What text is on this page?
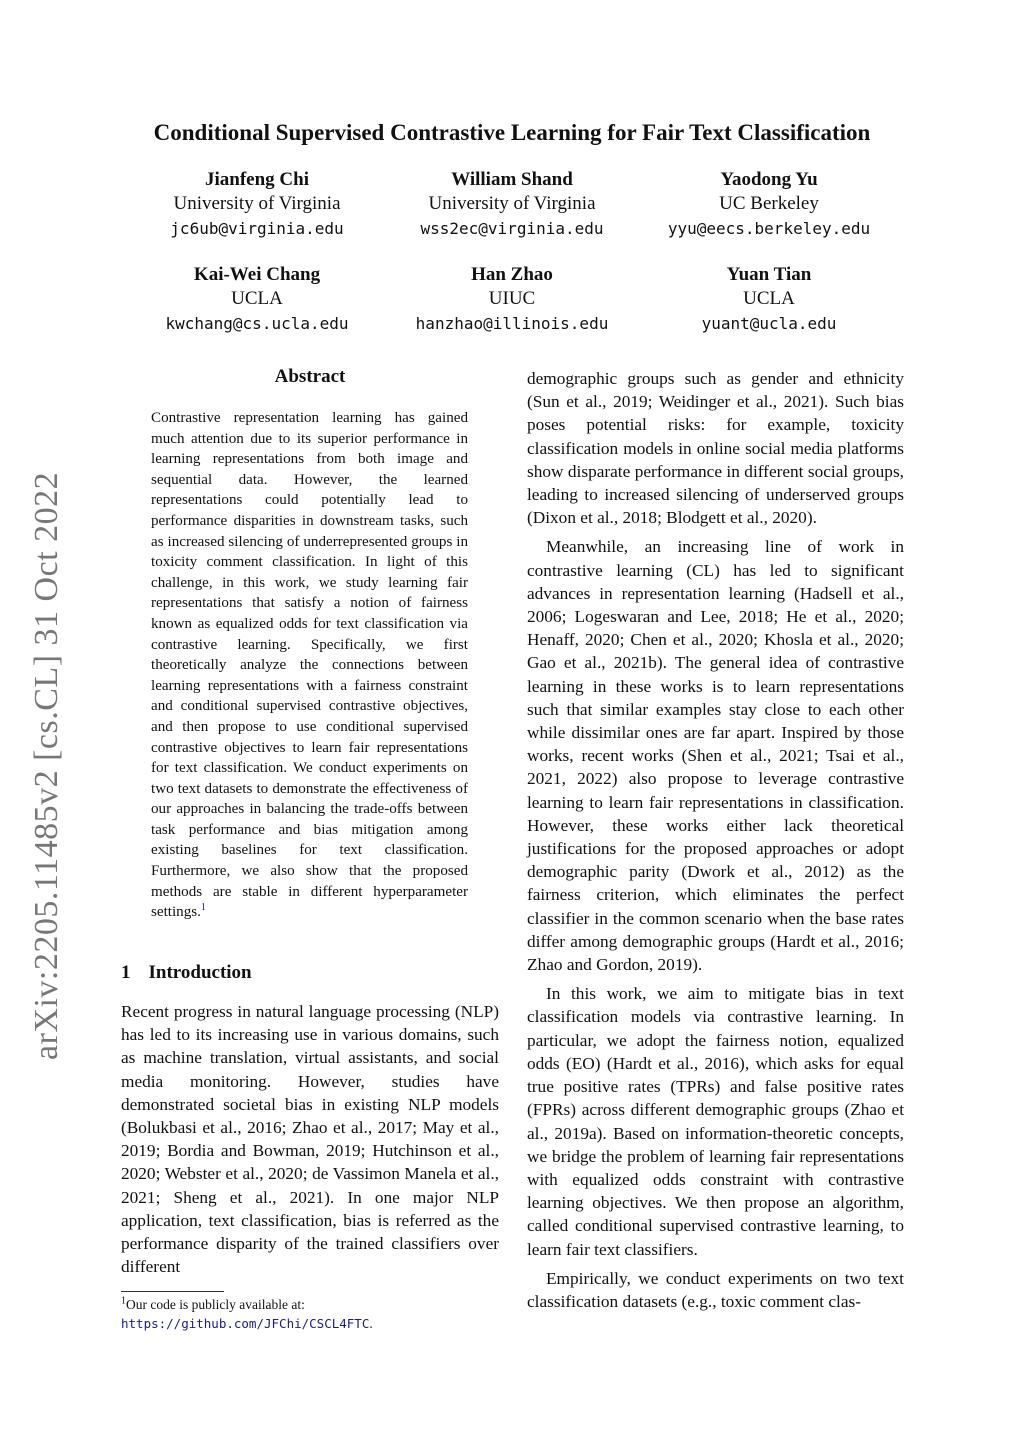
Conditional Supervised Contrastive Learning for Fair Text Classification
Jianfeng Chi
University of Virginia
jc6ub@virginia.edu
William Shand
University of Virginia
wss2ec@virginia.edu
Yaodong Yu
UC Berkeley
yyu@eecs.berkeley.edu
Kai-Wei Chang
UCLA
kwchang@cs.ucla.edu
Han Zhao
UIUC
hanzhao@illinois.edu
Yuan Tian
UCLA
yuant@ucla.edu
arXiv:2205.11485v2 [cs.CL] 31 Oct 2022
Abstract
Contrastive representation learning has gained much attention due to its superior performance in learning representations from both image and sequential data. However, the learned representations could potentially lead to performance disparities in downstream tasks, such as increased silencing of underrepresented groups in toxicity comment classification. In light of this challenge, in this work, we study learning fair representations that satisfy a notion of fairness known as equalized odds for text classification via contrastive learning. Specifically, we first theoretically analyze the connections between learning representations with a fairness constraint and conditional supervised contrastive objectives, and then propose to use conditional supervised contrastive objectives to learn fair representations for text classification. We conduct experiments on two text datasets to demonstrate the effectiveness of our approaches in balancing the trade-offs between task performance and bias mitigation among existing baselines for text classification. Furthermore, we also show that the proposed methods are stable in different hyperparameter settings.$^1$
1 Introduction

Recent progress in natural language processing (NLP) has led to its increasing use in various domains, such as machine translation, virtual assistants, and social media monitoring. However, studies have demonstrated societal bias in existing NLP models (Bolukbasi et al., 2016; Zhao et al., 2017; May et al., 2019; Bordia and Bowman, 2019; Hutchinson et al., 2020; Webster et al., 2020; de Vassimon Manela et al., 2021; Sheng et al., 2021). In one major NLP application, text classification, bias is referred as the performance disparity of the trained classifiers over different

demographic groups such as gender and ethnicity (Sun et al., 2019; Weidinger et al., 2021). Such bias poses potential risks: for example, toxicity classification models in online social media platforms show disparate performance in different social groups, leading to increased silencing of underserved groups (Dixon et al., 2018; Blodgett et al., 2020).

Meanwhile, an increasing line of work in contrastive learning (CL) has led to significant advances in representation learning (Hadsell et al., 2006; Logeswaran and Lee, 2018; He et al., 2020; Henaff, 2020; Chen et al., 2020; Khosla et al., 2020; Gao et al., 2021b). The general idea of contrastive learning in these works is to learn representations such that similar examples stay close to each other while dissimilar ones are far apart. Inspired by those works, recent works (Shen et al., 2021; Tsai et al., 2021, 2022) also propose to leverage contrastive learning to learn fair representations in classification. However, these works either lack theoretical justifications for the proposed approaches or adopt demographic parity (Dwork et al., 2012) as the fairness criterion, which eliminates the perfect classifier in the common scenario when the base rates differ among demographic groups (Hardt et al., 2016; Zhao and Gordon, 2019).

In this work, we aim to mitigate bias in text classification models via contrastive learning. In particular, we adopt the fairness notion, equalized odds (EO) (Hardt et al., 2016), which asks for equal true positive rates (TPRs) and false positive rates (FPRs) across different demographic groups (Zhao et al., 2019a). Based on information-theoretic concepts, we bridge the problem of learning fair representations with equalized odds constraint with contrastive learning objectives. We then propose an algorithm, called conditional supervised contrastive learning, to learn fair text classifiers.

Empirically, we conduct experiments on two text classification datasets (e.g., toxic comment clas-

$^1$Our code is publicly available at: https://github.com/JFChi/CSCL4FTC.
